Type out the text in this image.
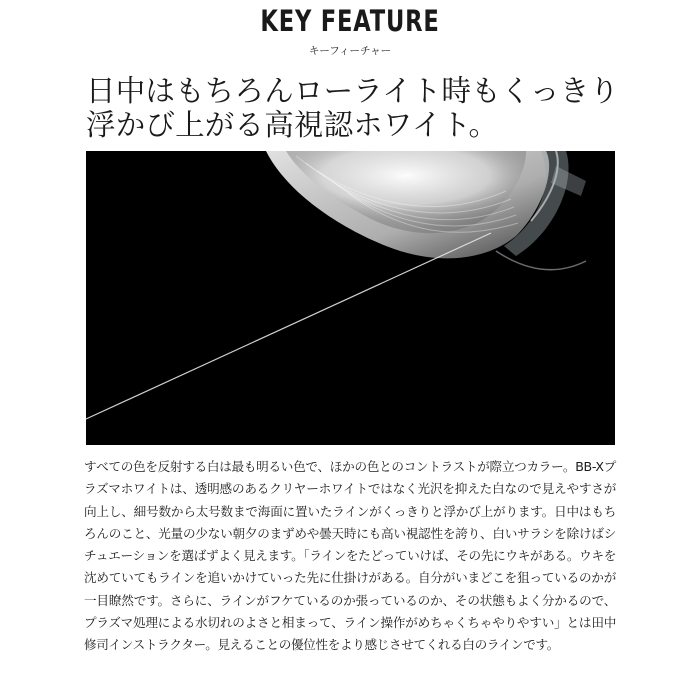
KEY FEATURE
キーフィーチャー
日中はもちろんローライト時もくっきり
浮かび上がる高視認ホワイト。
すべての色を反射する白は最も明るい色で、ほかの色とのコントラストが際立つカラー。BB-Xプラズマホワイトは、透明感のあるクリヤーホワイトではなく光沢を抑えた白なので見えやすさが向上し、細号数から太号数まで海面に置いたラインがくっきりと浮かび上がります。日中はもちろんのこと、光量の少ない朝夕のまずめや曇天時にも高い視認性を誇り、白いサラシを除けばシチュエーションを選ばずよく見えます。「ラインをたどっていけば、その先にウキがある。ウキを沈めていてもラインを追いかけていった先に仕掛けがある。自分がいまどこを狙っているのかが一目瞭然です。さらに、ラインがフケているのか張っているのか、その状態もよく分かるので、プラズマ処理による水切れのよさと相まって、ライン操作がめちゃくちゃやりやすい」とは田中修司インストラクター。見えることの優位性をより感じさせてくれる白のラインです。
